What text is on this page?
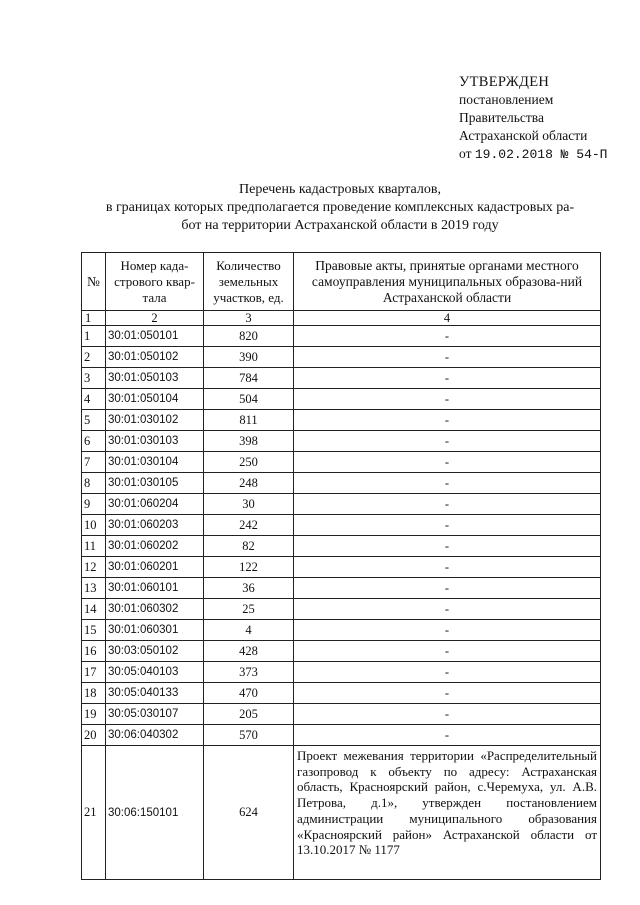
УТВЕРЖДЕН
постановлением
Правительства
Астраханской области
от 19.02.2018 № 54-П
Перечень кадастровых кварталов,
в границах которых предполагается проведение комплексных кадастровых ра-
бот на территории Астраханской области в 2019 году
№	Номер када-стрового квар-тала	Количество земельных участков, ед.	Правовые акты, принятые органами местного самоуправления муниципальных образова-ний Астраханской области
1	2	3	4
1	30:01:050101	820	-
2	30:01:050102	390	-
3	30:01:050103	784	-
4	30:01:050104	504	-
5	30:01:030102	811	-
6	30:01:030103	398	-
7	30:01:030104	250	-
8	30:01:030105	248	-
9	30:01:060204	30	-
10	30:01:060203	242	-
11	30:01:060202	82	-
12	30:01:060201	122	-
13	30:01:060101	36	-
14	30:01:060302	25	-
15	30:01:060301	4	-
16	30:03:050102	428	-
17	30:05:040103	373	-
18	30:05:040133	470	-
19	30:05:030107	205	-
20	30:06:040302	570	-
21	30:06:150101	624	Проект межевания территории «Распределительный газопровод к объекту по адресу: Астраханская область, Красноярский район, с.Черемуха, ул. А.В. Петрова, д.1», утвержден постановлением администрации муниципального образования «Красноярский район» Астраханской области от 13.10.2017 № 1177
